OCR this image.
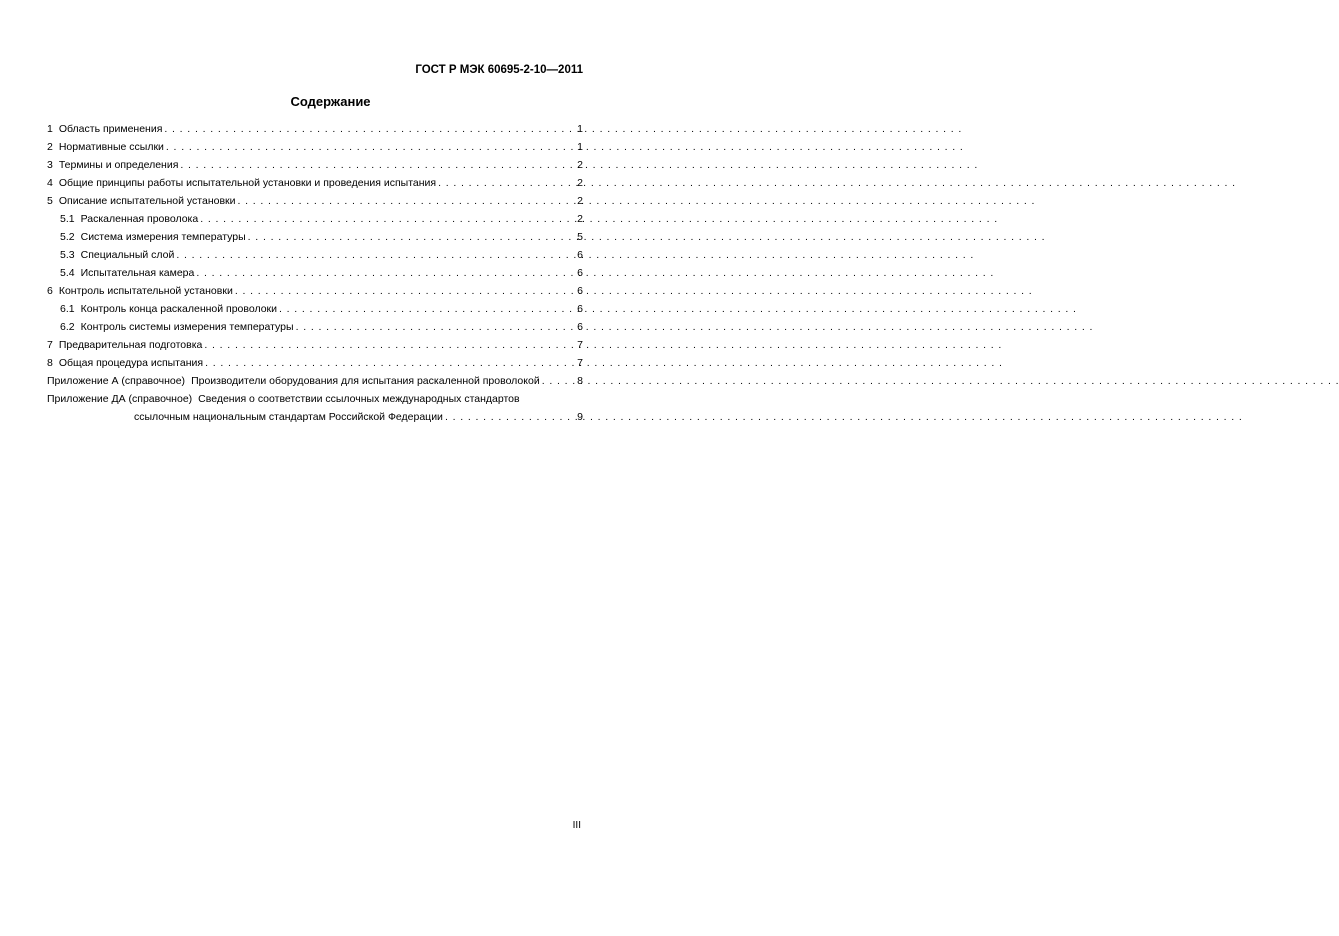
ГОСТ Р МЭК 60695-2-10—2011
Содержание
1 Область применения . . .	1
2 Нормативные ссылки . . .	1
3 Термины и определения . . .	2
4 Общие принципы работы испытательной установки и проведения испытания . . .	2
5 Описание испытательной установки . . .	2
5.1 Раскаленная проволока . . .	2
5.2 Система измерения температуры . . .	5
5.3 Специальный слой . . .	6
5.4 Испытательная камера . . .	6
6 Контроль испытательной установки . . .	6
6.1 Контроль конца раскаленной проволоки . . .	6
6.2 Контроль системы измерения температуры . . .	6
7 Предварительная подготовка . . .	7
8 Общая процедура испытания . . .	7
Приложение А (справочное) Производители оборудования для испытания раскаленной проволокой . . .	8
Приложение ДА (справочное) Сведения о соответствии ссылочных международных стандартов
ссылочным национальным стандартам Российской Федерации . . .	9
III
